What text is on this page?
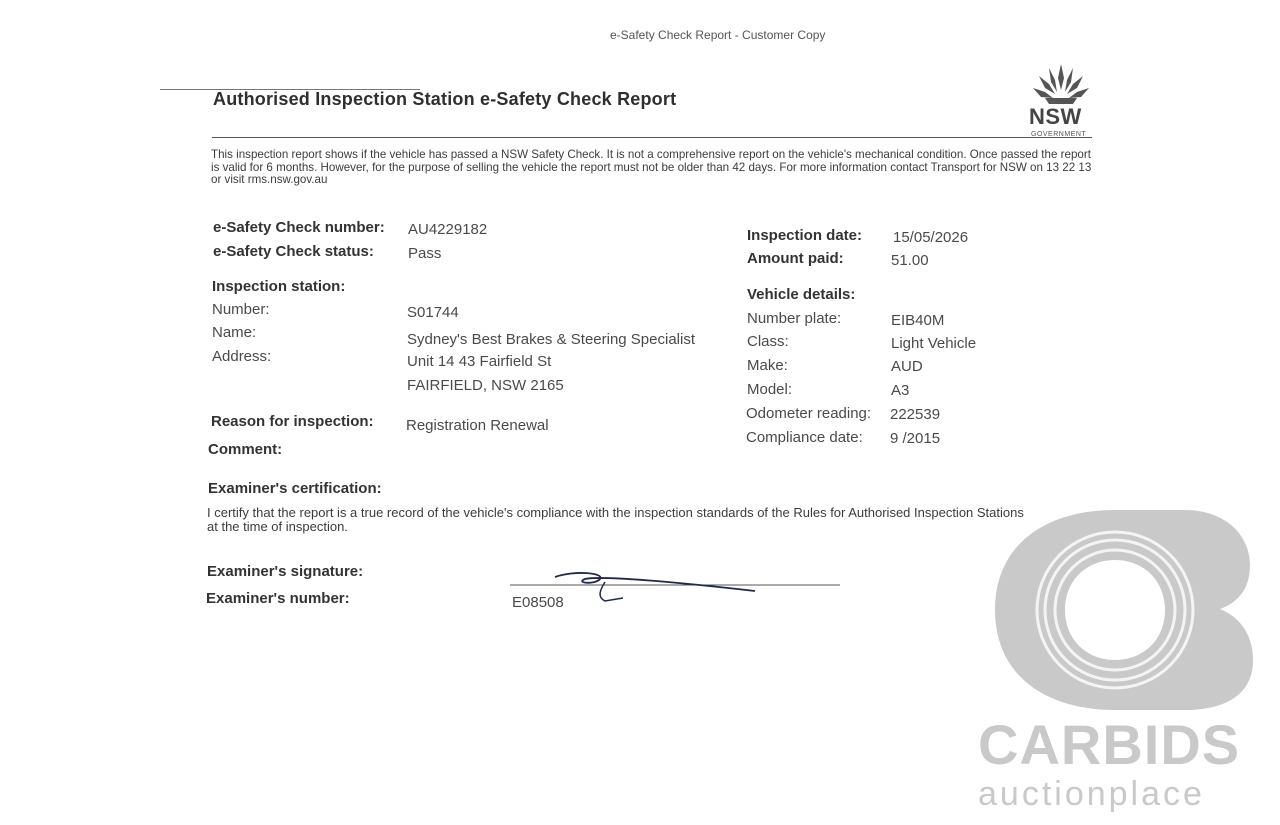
e-Safety Check Report - Customer Copy
Authorised Inspection Station e-Safety Check Report
NSW
GOVERNMENT
This inspection report shows if the vehicle has passed a NSW Safety Check. It is not a comprehensive report on the vehicle's mechanical condition. Once passed the report is valid for 6 months. However, for the purpose of selling the vehicle the report must not be older than 42 days. For more information contact Transport for NSW on 13 22 13 or visit rms.nsw.gov.au
e-Safety Check number: AU4229182
e-Safety Check status: Pass
Inspection station:
Number:	S01744
Name:	Sydney's Best Brakes & Steering Specialist
Address:	Unit 14 43 Fairfield St
FAIRFIELD, NSW 2165
Reason for inspection: Registration Renewal
Comment:
Inspection date: 15/05/2026
Amount paid:	51.00
Vehicle details:
Number plate:	EIB40M
Class:	Light Vehicle
Make:	AUD
Model:	A3
Odometer reading: 222539
Compliance date: 9 /2015
Examiner's certification:
I certify that the report is a true record of the vehicle's compliance with the inspection standards of the Rules for Authorised Inspection Stations at the time of inspection.
Examiner's signature:
Examiner's number:	E08508
CARBIDS
auctionplace
